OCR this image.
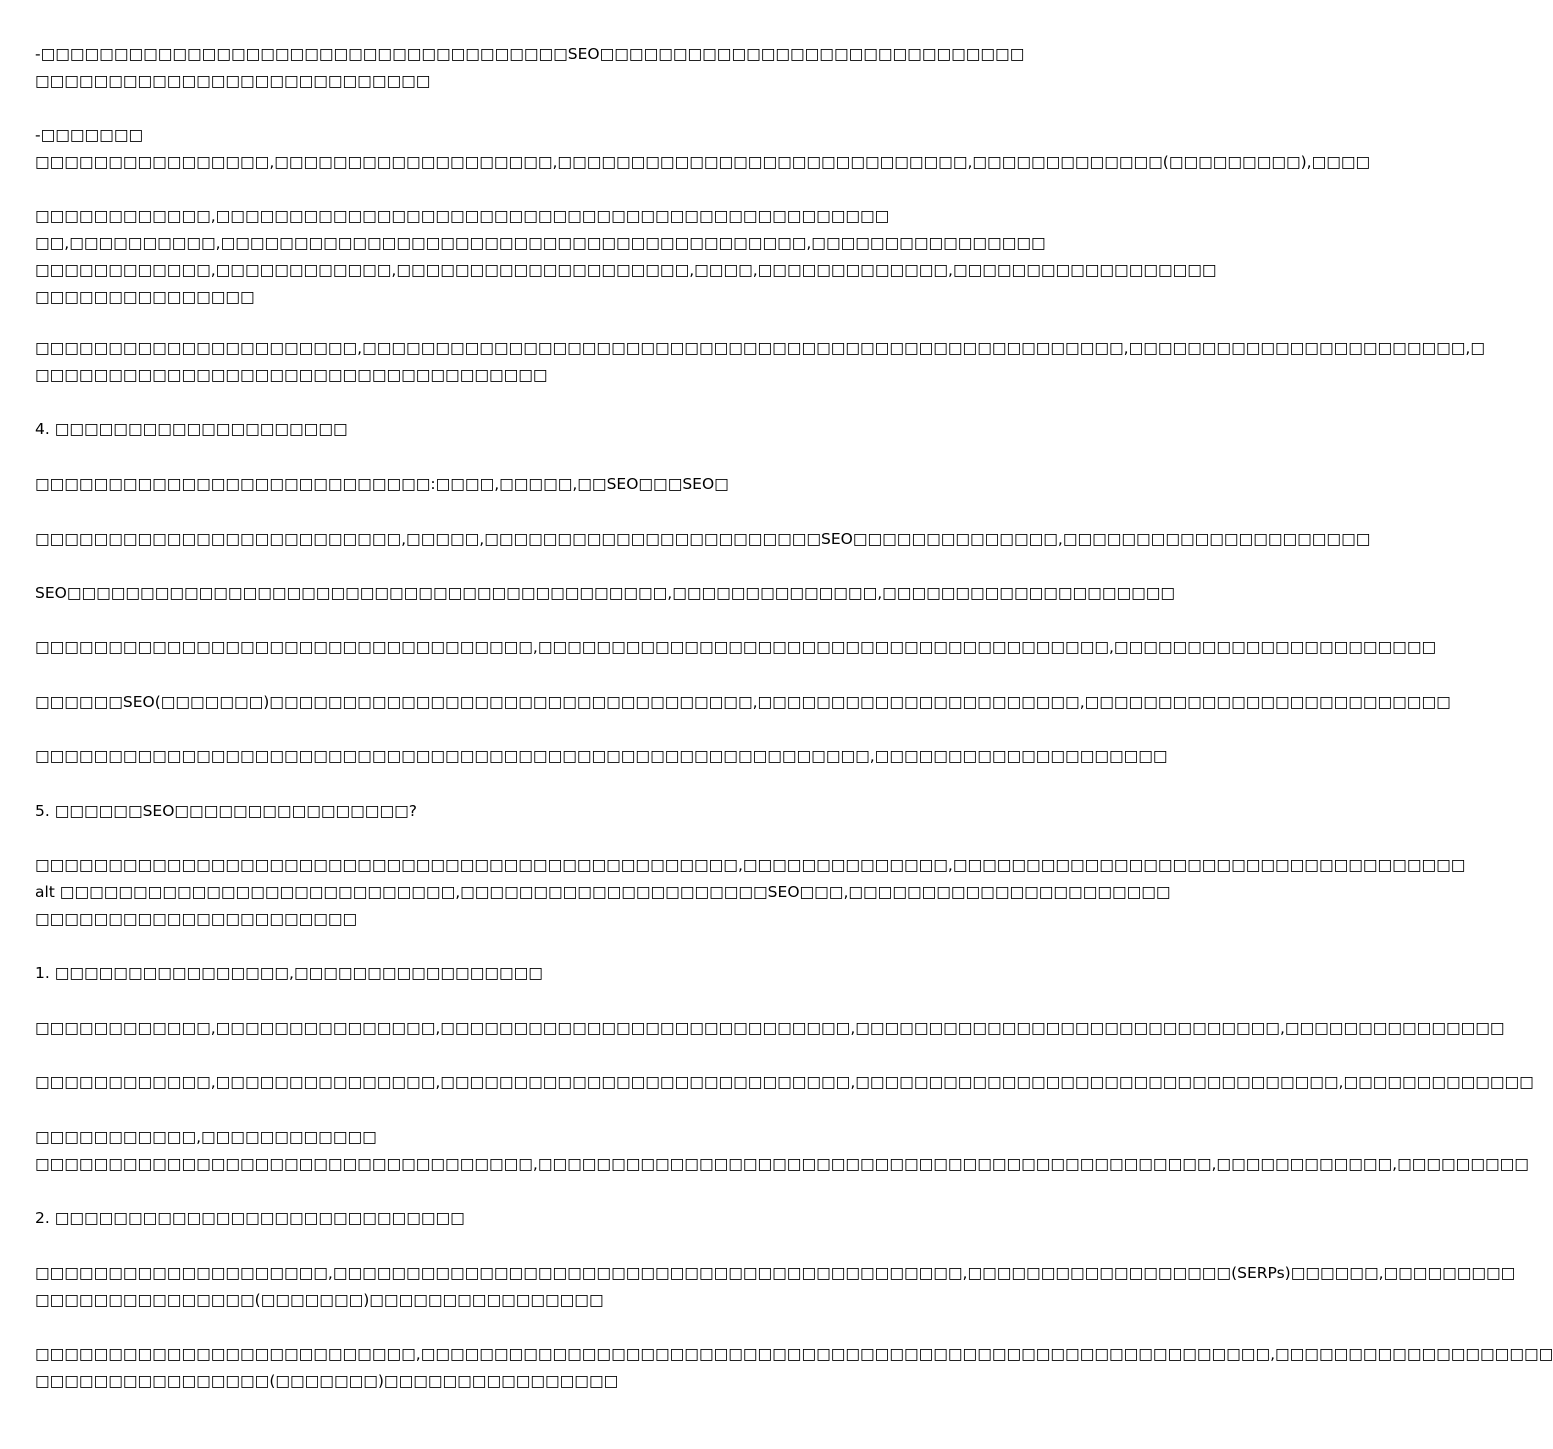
-□□□□□□□□□□□□□□□□□□□□□□□□□□□□□□□□□□□□SEO□□□□□□□□□□□□□□□□□□□□□□□□□□□□□
□□□□□□□□□□□□□□□□□□□□□□□□□□□

-□□□□□□□
□□□□□□□□□□□□□□□□,□□□□□□□□□□□□□□□□□□□,□□□□□□□□□□□□□□□□□□□□□□□□□□□□,□□□□□□□□□□□□□(□□□□□□□□□),□□□□

□□□□□□□□□□□□,□□□□□□□□□□□□□□□□□□□□□□□□□□□□□□□□□□□□□□□□□□□□□□
□□,□□□□□□□□□□,□□□□□□□□□□□□□□□□□□□□□□□□□□□□□□□□□□□□□□□□,□□□□□□□□□□□□□□□□
□□□□□□□□□□□□,□□□□□□□□□□□□,□□□□□□□□□□□□□□□□□□□□,□□□□,□□□□□□□□□□□□□,□□□□□□□□□□□□□□□□□□
□□□□□□□□□□□□□□□

□□□□□□□□□□□□□□□□□□□□□□,□□□□□□□□□□□□□□□□□□□□□□□□□□□□□□□□□□□□□□□□□□□□□□□□□□□□,□□□□□□□□□□□□□□□□□□□□□□□,□
□□□□□□□□□□□□□□□□□□□□□□□□□□□□□□□□□□□

4. □□□□□□□□□□□□□□□□□□□□

□□□□□□□□□□□□□□□□□□□□□□□□□□□:□□□□,□□□□□,□□SEO□□□SEO□

□□□□□□□□□□□□□□□□□□□□□□□□□,□□□□□,□□□□□□□□□□□□□□□□□□□□□□□SEO□□□□□□□□□□□□□□,□□□□□□□□□□□□□□□□□□□□□

SEO□□□□□□□□□□□□□□□□□□□□□□□□□□□□□□□□□□□□□□□□□,□□□□□□□□□□□□□□,□□□□□□□□□□□□□□□□□□□□

□□□□□□□□□□□□□□□□□□□□□□□□□□□□□□□□□□,□□□□□□□□□□□□□□□□□□□□□□□□□□□□□□□□□□□□□□□,□□□□□□□□□□□□□□□□□□□□□□

□□□□□□SEO(□□□□□□□)□□□□□□□□□□□□□□□□□□□□□□□□□□□□□□□□□,□□□□□□□□□□□□□□□□□□□□□□,□□□□□□□□□□□□□□□□□□□□□□□□□

□□□□□□□□□□□□□□□□□□□□□□□□□□□□□□□□□□□□□□□□□□□□□□□□□□□□□□□□□,□□□□□□□□□□□□□□□□□□□□

5. □□□□□□SEO□□□□□□□□□□□□□□□□?

□□□□□□□□□□□□□□□□□□□□□□□□□□□□□□□□□□□□□□□□□□□□□□□□,□□□□□□□□□□□□□□,□□□□□□□□□□□□□□□□□□□□□□□□□□□□□□□□□□□
alt □□□□□□□□□□□□□□□□□□□□□□□□□□□,□□□□□□□□□□□□□□□□□□□□□SEO□□□,□□□□□□□□□□□□□□□□□□□□□□
□□□□□□□□□□□□□□□□□□□□□□

1. □□□□□□□□□□□□□□□□,□□□□□□□□□□□□□□□□□

□□□□□□□□□□□□,□□□□□□□□□□□□□□□,□□□□□□□□□□□□□□□□□□□□□□□□□□□□,□□□□□□□□□□□□□□□□□□□□□□□□□□□□□,□□□□□□□□□□□□□□□

□□□□□□□□□□□□,□□□□□□□□□□□□□□□,□□□□□□□□□□□□□□□□□□□□□□□□□□□□,□□□□□□□□□□□□□□□□□□□□□□□□□□□□□□□□□,□□□□□□□□□□□□□

□□□□□□□□□□□,□□□□□□□□□□□□
□□□□□□□□□□□□□□□□□□□□□□□□□□□□□□□□□□,□□□□□□□□□□□□□□□□□□□□□□□□□□□□□□□□□□□□□□□□□□□□□□,□□□□□□□□□□□□,□□□□□□□□□

2. □□□□□□□□□□□□□□□□□□□□□□□□□□□□

□□□□□□□□□□□□□□□□□□□□,□□□□□□□□□□□□□□□□□□□□□□□□□□□□□□□□□□□□□□□□□□□,□□□□□□□□□□□□□□□□□□(SERPs)□□□□□□,□□□□□□□□□
□□□□□□□□□□□□□□□(□□□□□□□)□□□□□□□□□□□□□□□□

□□□□□□□□□□□□□□□□□□□□□□□□□□,□□□□□□□□□□□□□□□□□□□□□□□□□□□□□□□□□□□□□□□□□□□□□□□□□□□□□□□□□□,□□□□□□□□□□□□□□□□□□□
□□□□□□□□□□□□□□□□(□□□□□□□)□□□□□□□□□□□□□□□□
